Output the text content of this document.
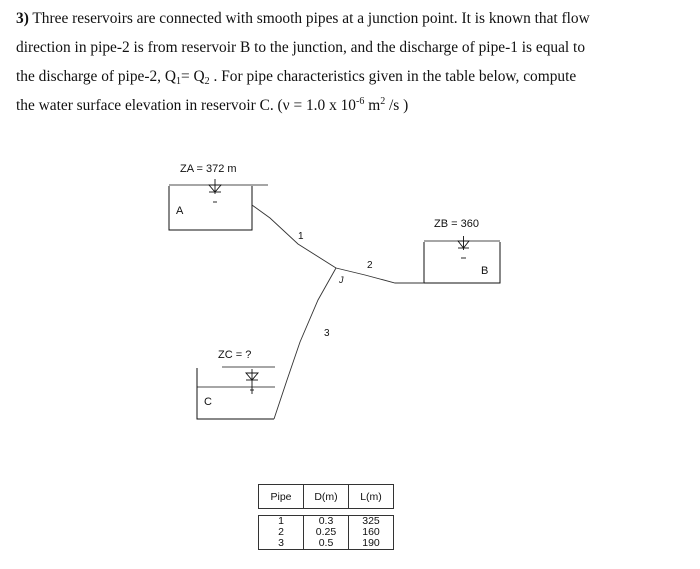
3) Three reservoirs are connected with smooth pipes at a junction point. It is known that flow
direction in pipe-2 is from reservoir B to the junction, and the discharge of pipe-1 is equal to
the discharge of pipe-2, $Q_1= Q_2$ . For pipe characteristics given in the table below, compute
the water surface elevation in reservoir C. (ν = 1.0 x $10^{-6}$ $m^2$ /s )
ZA = 372 m
A
ZB = 360
B
ZC = ?
C
1
2
3
J
Pipe	D(m)	L(m)

1	0.3	325
2	0.25	160
3	0.5	190
